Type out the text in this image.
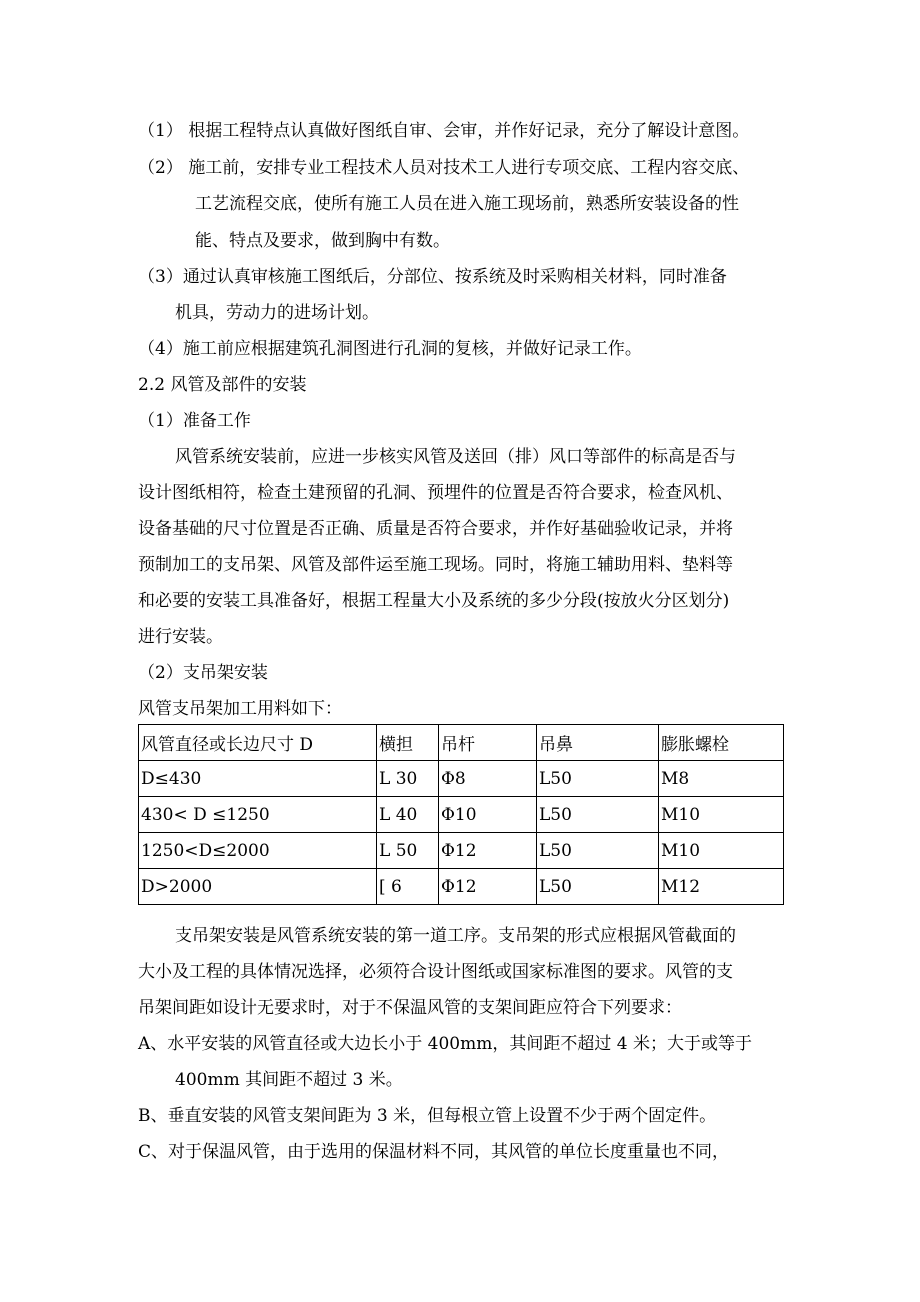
（1） 根据工程特点认真做好图纸自审、会审，并作好记录，充分了解设计意图。
（2） 施工前，安排专业工程技术人员对技术工人进行专项交底、工程内容交底、
工艺流程交底，使所有施工人员在进入施工现场前，熟悉所安装设备的性
能、特点及要求，做到胸中有数。
（3）通过认真审核施工图纸后，分部位、按系统及时采购相关材料，同时准备
机具，劳动力的进场计划。
（4）施工前应根据建筑孔洞图进行孔洞的复核，并做好记录工作。
2.2 风管及部件的安装
（1）准备工作
风管系统安装前，应进一步核实风管及送回（排）风口等部件的标高是否与
设计图纸相符，检查土建预留的孔洞、预埋件的位置是否符合要求，检查风机、
设备基础的尺寸位置是否正确、质量是否符合要求，并作好基础验收记录，并将
预制加工的支吊架、风管及部件运至施工现场。同时，将施工辅助用料、垫料等
和必要的安装工具准备好，根据工程量大小及系统的多少分段(按放火分区划分)
进行安装。
（2）支吊架安装
风管支吊架加工用料如下：
风管直径或长边尺寸 D	横担	吊杆	吊鼻	膨胀螺栓
D≤430	L 30	Φ8	L50	M8
430< D ≤1250	L 40	Φ10	L50	M10
1250<D≤2000	L 50	Φ12	L50	M10
D>2000	[ 6	Φ12	L50	M12
支吊架安装是风管系统安装的第一道工序。支吊架的形式应根据风管截面的
大小及工程的具体情况选择，必须符合设计图纸或国家标准图的要求。风管的支
吊架间距如设计无要求时，对于不保温风管的支架间距应符合下列要求：
A、水平安装的风管直径或大边长小于 400mm，其间距不超过 4 米；大于或等于
400mm 其间距不超过 3 米。
B、垂直安装的风管支架间距为 3 米，但每根立管上设置不少于两个固定件。
C、对于保温风管，由于选用的保温材料不同，其风管的单位长度重量也不同，
